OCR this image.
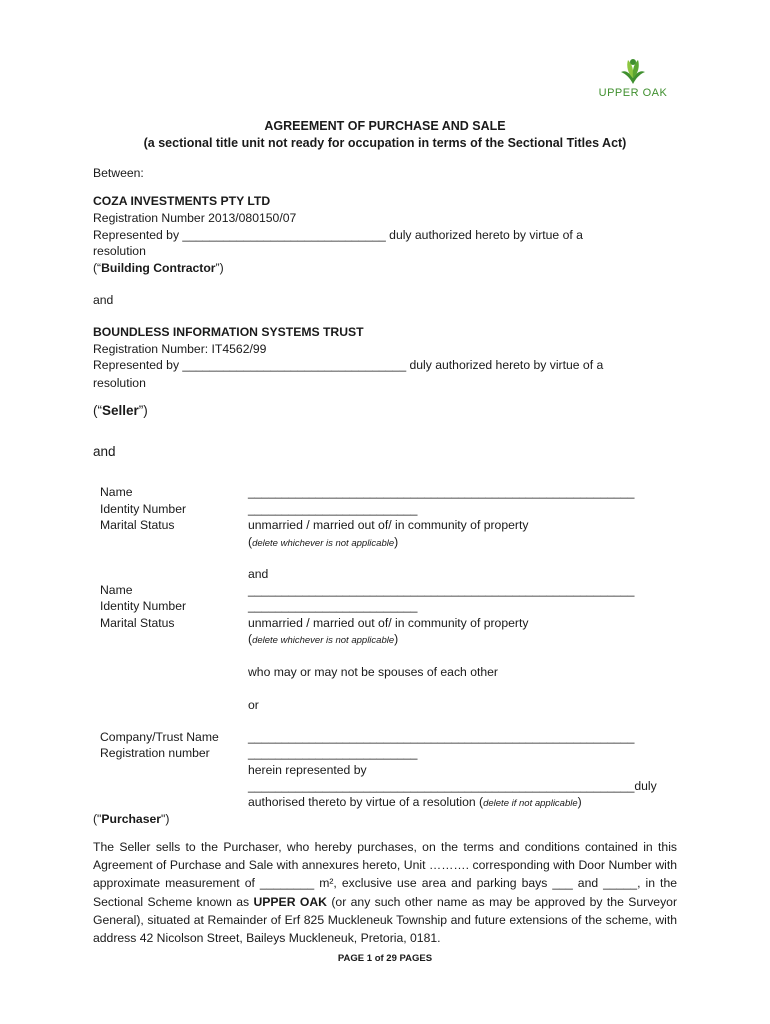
UPPER OAK
AGREEMENT OF PURCHASE AND SALE
(a sectional title unit not ready for occupation in terms of the Sectional Titles Act)
Between:
COZA INVESTMENTS PTY LTD
Registration Number 2013/080150/07
Represented by ______________________________ duly authorized hereto by virtue of a
resolution
(“Building Contractor”)
and
BOUNDLESS INFORMATION SYSTEMS TRUST
Registration Number: IT4562/99
Represented by _________________________________ duly authorized hereto by virtue of a
resolution
(“Seller”)
and
Name
Identity Number
Marital Status
_________________________________________________________
_________________________
unmarried / married out of/ in community of property
(delete whichever is not applicable)
and
Name
Identity Number
Marital Status
_________________________________________________________
_________________________
unmarried / married out of/ in community of property
(delete whichever is not applicable)
who may or may not be spouses of each other
or
Company/Trust Name
Registration number
_________________________________________________________
_________________________
herein represented by
_________________________________________________________duly
authorised thereto by virtue of a resolution (delete if not applicable)
("Purchaser")
The Seller sells to the Purchaser, who hereby purchases, on the terms and conditions contained in this Agreement of Purchase and Sale with annexures hereto, Unit ………. corresponding with Door Number with approximate measurement of ________ m², exclusive use area and parking bays ___ and _____, in the Sectional Scheme known as UPPER OAK (or any such other name as may be approved by the Surveyor General), situated at Remainder of Erf 825 Muckleneuk Township and future extensions of the scheme, with address 42 Nicolson Street, Baileys Muckleneuk, Pretoria, 0181.
PAGE 1 of 29 PAGES
